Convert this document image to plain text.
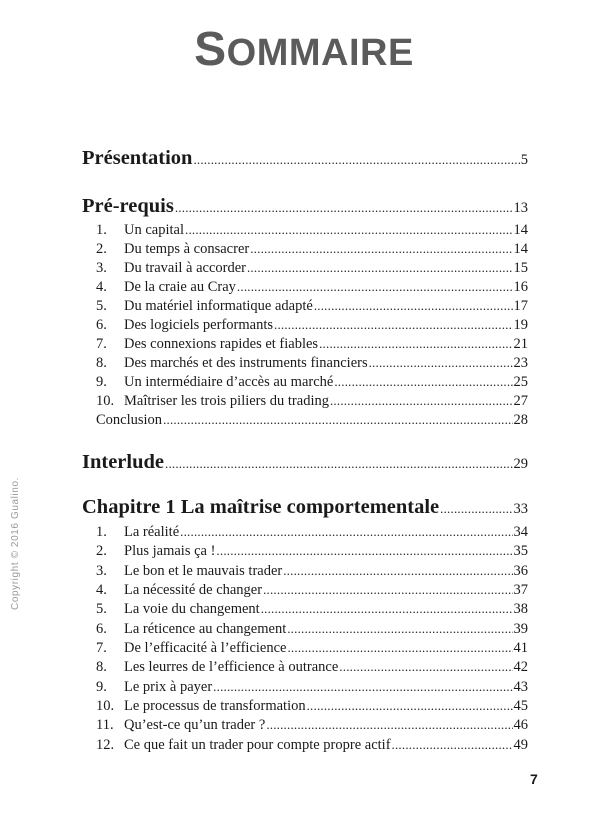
SOMMAIRE
Copyright © 2016 Gualino.
Présentation .....	5
Pré-requis .....	13
1.	Un capital .....	14
2.	Du temps à consacrer .....	14
3.	Du travail à accorder .....	15
4.	De la craie au Cray .....	16
5.	Du matériel informatique adapté .....	17
6.	Des logiciels performants .....	19
7.	Des connexions rapides et fiables .....	21
8.	Des marchés et des instruments financiers .....	23
9.	Un intermédiaire d’accès au marché .....	25
10. Maîtriser les trois piliers du trading .....	27
Conclusion .....	28
Interlude .....	29
Chapitre 1 La maîtrise comportementale .....	33
1.	La réalité .....	34
2.	Plus jamais ça ! .....	35
3.	Le bon et le mauvais trader .....	36
4.	La nécessité de changer .....	37
5.	La voie du changement .....	38
6.	La réticence au changement .....	39
7.	De l’efficacité à l’efficience .....	41
8.	Les leurres de l’efficience à outrance .....	42
9.	Le prix à payer .....	43
10. Le processus de transformation .....	45
11. Qu’est-ce qu’un trader ? .....	46
12. Ce que fait un trader pour compte propre actif .....	49

7
